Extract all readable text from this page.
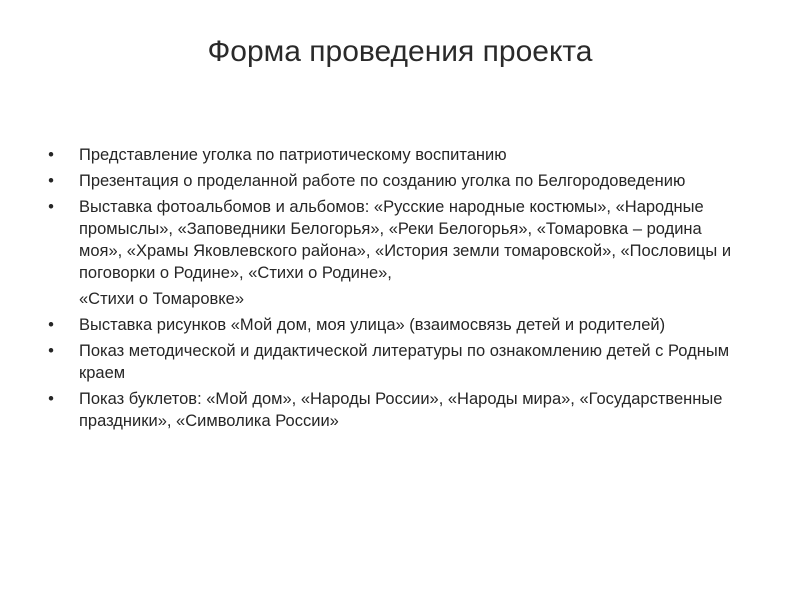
Форма проведения проекта
• Представление уголка по патриотическому воспитанию
• Презентация о проделанной работе по созданию уголка по Белгородоведению
• Выставка фотоальбомов и альбомов: «Русские народные костюмы», «Народные промыслы», «Заповедники Белогорья», «Реки Белогорья», «Томаровка – родина моя», «Храмы Яковлевского района», «История земли томаровской», «Пословицы и поговорки о Родине», «Стихи о Родине»,
«Стихи о Томаровке»
• Выставка рисунков «Мой дом, моя улица» (взаимосвязь детей и родителей)
• Показ методической и дидактической литературы по ознакомлению детей с Родным краем
• Показ буклетов: «Мой дом», «Народы России», «Народы мира», «Государственные праздники», «Символика России»
